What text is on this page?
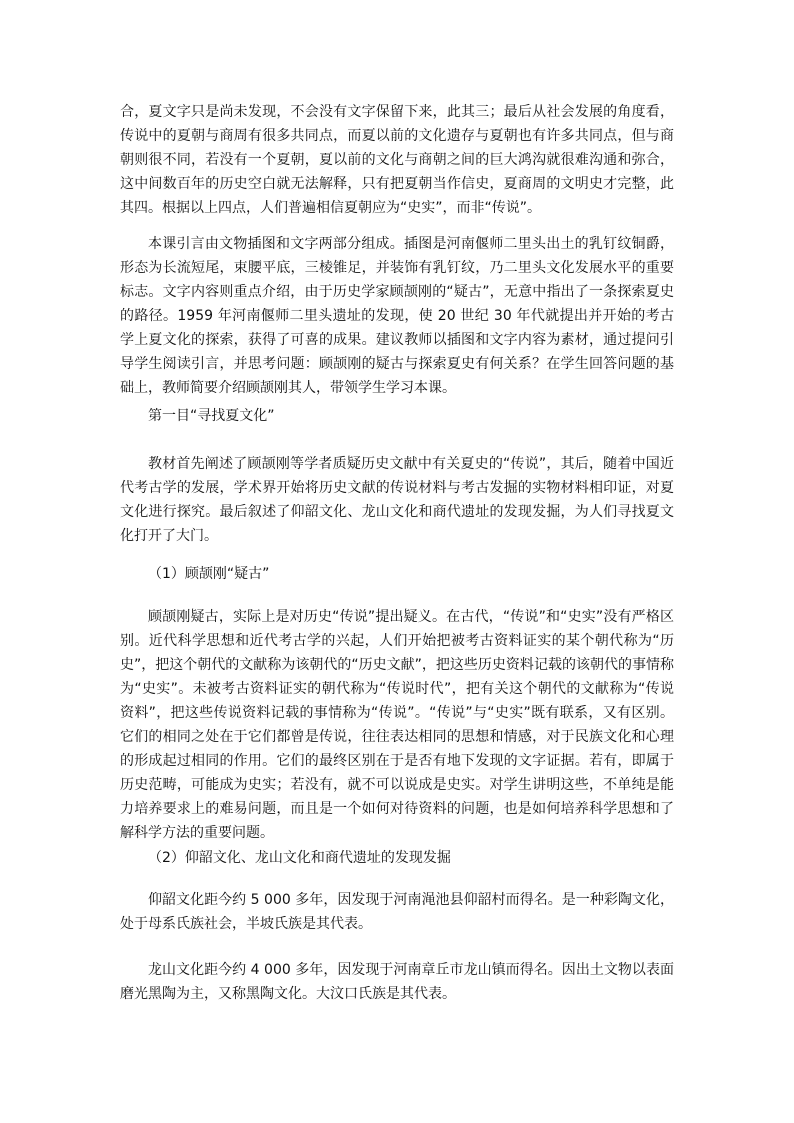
合，夏文字只是尚未发现，不会没有文字保留下来，此其三；最后从社会发展的角度看，传说中的夏朝与商周有很多共同点，而夏以前的文化遗存与夏朝也有许多共同点，但与商朝则很不同，若没有一个夏朝，夏以前的文化与商朝之间的巨大鸿沟就很难沟通和弥合，这中间数百年的历史空白就无法解释，只有把夏朝当作信史，夏商周的文明史才完整，此其四。根据以上四点，人们普遍相信夏朝应为“史实”，而非“传说”。

本课引言由文物插图和文字两部分组成。插图是河南偃师二里头出土的乳钉纹铜爵，形态为长流短尾，束腰平底，三棱锥足，并装饰有乳钉纹，乃二里头文化发展水平的重要标志。文字内容则重点介绍，由于历史学家顾颉刚的“疑古”，无意中指出了一条探索夏史的路径。1959 年河南偃师二里头遗址的发现，使 20 世纪 30 年代就提出并开始的考古学上夏文化的探索，获得了可喜的成果。建议教师以插图和文字内容为素材，通过提问引导学生阅读引言，并思考问题：顾颉刚的疑古与探索夏史有何关系？在学生回答问题的基础上，教师简要介绍顾颉刚其人，带领学生学习本课。

第一目“寻找夏文化”

教材首先阐述了顾颉刚等学者质疑历史文献中有关夏史的“传说”，其后，随着中国近代考古学的发展，学术界开始将历史文献的传说材料与考古发掘的实物材料相印证，对夏文化进行探究。最后叙述了仰韶文化、龙山文化和商代遗址的发现发掘，为人们寻找夏文化打开了大门。

（1）顾颉刚“疑古”

顾颉刚疑古，实际上是对历史“传说”提出疑义。在古代，“传说”和“史实”没有严格区别。近代科学思想和近代考古学的兴起，人们开始把被考古资料证实的某个朝代称为“历史”，把这个朝代的文献称为该朝代的“历史文献”，把这些历史资料记载的该朝代的事情称为“史实”。未被考古资料证实的朝代称为“传说时代”，把有关这个朝代的文献称为“传说资料”，把这些传说资料记载的事情称为“传说”。“传说”与“史实”既有联系，又有区别。它们的相同之处在于它们都曾是传说，往往表达相同的思想和情感，对于民族文化和心理的形成起过相同的作用。它们的最终区别在于是否有地下发现的文字证据。若有，即属于历史范畴，可能成为史实；若没有，就不可以说成是史实。对学生讲明这些，不单纯是能力培养要求上的难易问题，而且是一个如何对待资料的问题，也是如何培养科学思想和了解科学方法的重要问题。

（2）仰韶文化、龙山文化和商代遗址的发现发掘

仰韶文化距今约 5 000 多年，因发现于河南渑池县仰韶村而得名。是一种彩陶文化，处于母系氏族社会，半坡氏族是其代表。

龙山文化距今约 4 000 多年，因发现于河南章丘市龙山镇而得名。因出土文物以表面磨光黑陶为主，又称黑陶文化。大汶口氏族是其代表。
